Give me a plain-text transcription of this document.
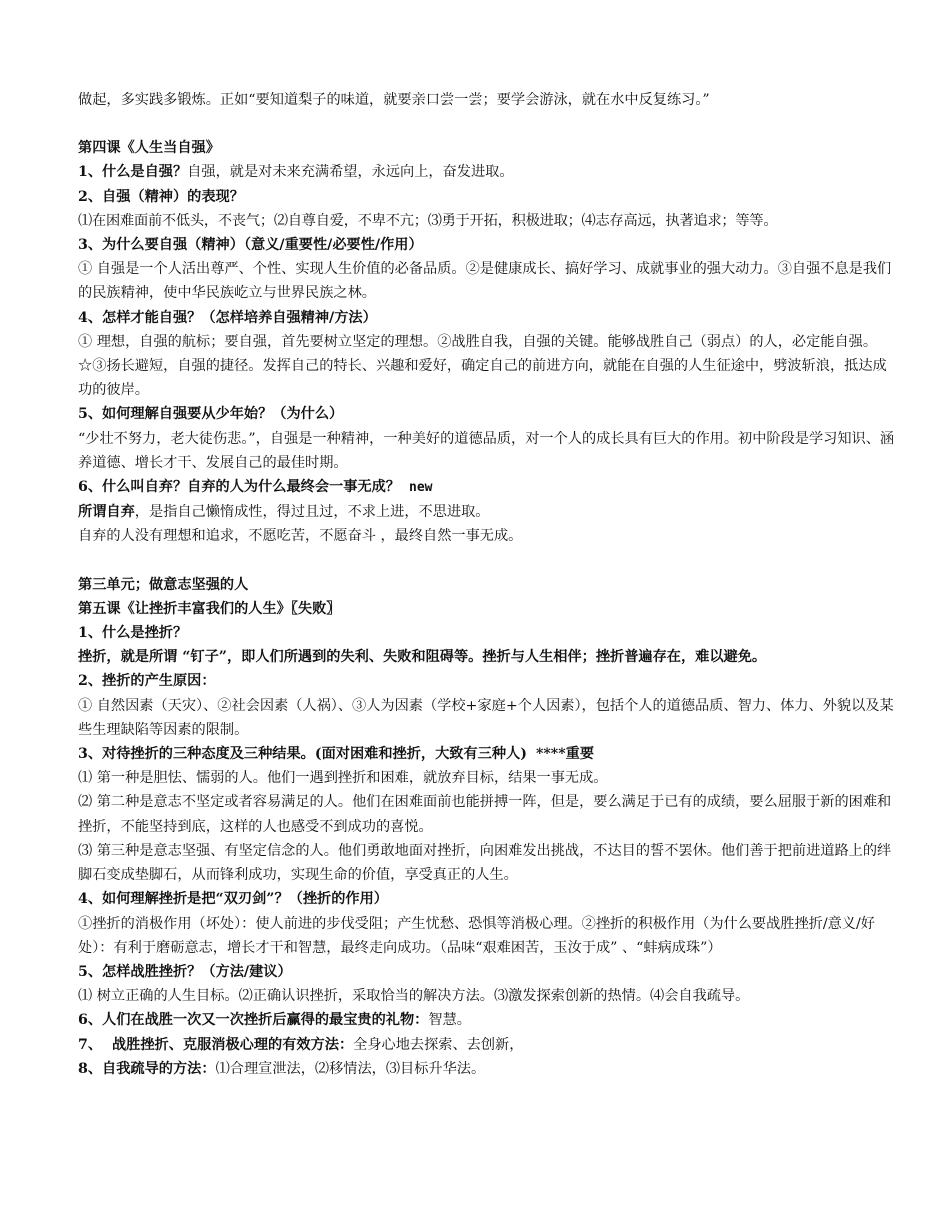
做起，多实践多锻炼。正如“要知道梨子的味道，就要亲口尝一尝；要学会游泳，就在水中反复练习。”
第四课《人生当自强》
1、什么是自强？自强，就是对未来充满希望，永远向上，奋发进取。
2、自强（精神）的表现？
⑴在困难面前不低头，不丧气；⑵自尊自爱，不卑不亢；⑶勇于开拓，积极进取；⑷志存高远，执著追求；等等。
3、为什么要自强（精神）（意义/重要性/必要性/作用）
① 自强是一个人活出尊严、个性、实现人生价值的必备品质。②是健康成长、搞好学习、成就事业的强大动力。③自强不息是我们的民族精神，使中华民族屹立与世界民族之林。
4、怎样才能自强？（怎样培养自强精神/方法）
① 理想，自强的航标；要自强，首先要树立坚定的理想。②战胜自我，自强的关键。能够战胜自己（弱点）的人，必定能自强。☆③扬长避短，自强的捷径。发挥自己的特长、兴趣和爱好，确定自己的前进方向，就能在自强的人生征途中，劈波斩浪，抵达成功的彼岸。
5、如何理解自强要从少年始？（为什么）
“少壮不努力，老大徒伤悲。”，自强是一种精神，一种美好的道德品质，对一个人的成长具有巨大的作用。初中阶段是学习知识、涵养道德、增长才干、发展自己的最佳时期。
6、什么叫自弃？自弃的人为什么最终会一事无成？ new
所谓自弃，是指自己懒惰成性，得过且过，不求上进，不思进取。
自弃的人没有理想和追求，不愿吃苦，不愿奋斗 ，最终自然一事无成。
第三单元；做意志坚强的人
第五课《让挫折丰富我们的人生》〖失败〗
1、什么是挫折？
挫折，就是所谓 “钉子”，即人们所遇到的失利、失败和阻碍等。挫折与人生相伴；挫折普遍存在，难以避免。
2、挫折的产生原因：
① 自然因素（天灾）、②社会因素（人祸）、③人为因素（学校+家庭+个人因素），包括个人的道德品质、智力、体力、外貌以及某些生理缺陷等因素的限制。
3、对待挫折的三种态度及三种结果。(面对困难和挫折，大致有三种人) ****重要
⑴ 第一种是胆怯、懦弱的人。他们一遇到挫折和困难，就放弃目标，结果一事无成。
⑵ 第二种是意志不坚定或者容易满足的人。他们在困难面前也能拼搏一阵，但是，要么满足于已有的成绩，要么屈服于新的困难和挫折，不能坚持到底，这样的人也感受不到成功的喜悦。
⑶ 第三种是意志坚强、有坚定信念的人。他们勇敢地面对挫折，向困难发出挑战，不达目的誓不罢休。他们善于把前进道路上的绊脚石变成垫脚石，从而锋利成功，实现生命的价值，享受真正的人生。
4、如何理解挫折是把“双刃剑”？（挫折的作用）
①挫折的消极作用（坏处）：使人前进的步伐受阻；产生忧愁、恐惧等消极心理。②挫折的积极作用（为什么要战胜挫折/意义/好处）：有利于磨砺意志，增长才干和智慧，最终走向成功。（品味“艰难困苦，玉汝于成” 、“蚌病成珠”）
5、怎样战胜挫折？（方法/建议）
⑴ 树立正确的人生目标。⑵正确认识挫折，采取恰当的解决方法。⑶激发探索创新的热情。⑷会自我疏导。
6、人们在战胜一次又一次挫折后赢得的最宝贵的礼物：智慧。
7、  战胜挫折、克服消极心理的有效方法：全身心地去探索、去创新，
8、自我疏导的方法：⑴合理宣泄法，⑵移情法，⑶目标升华法。
